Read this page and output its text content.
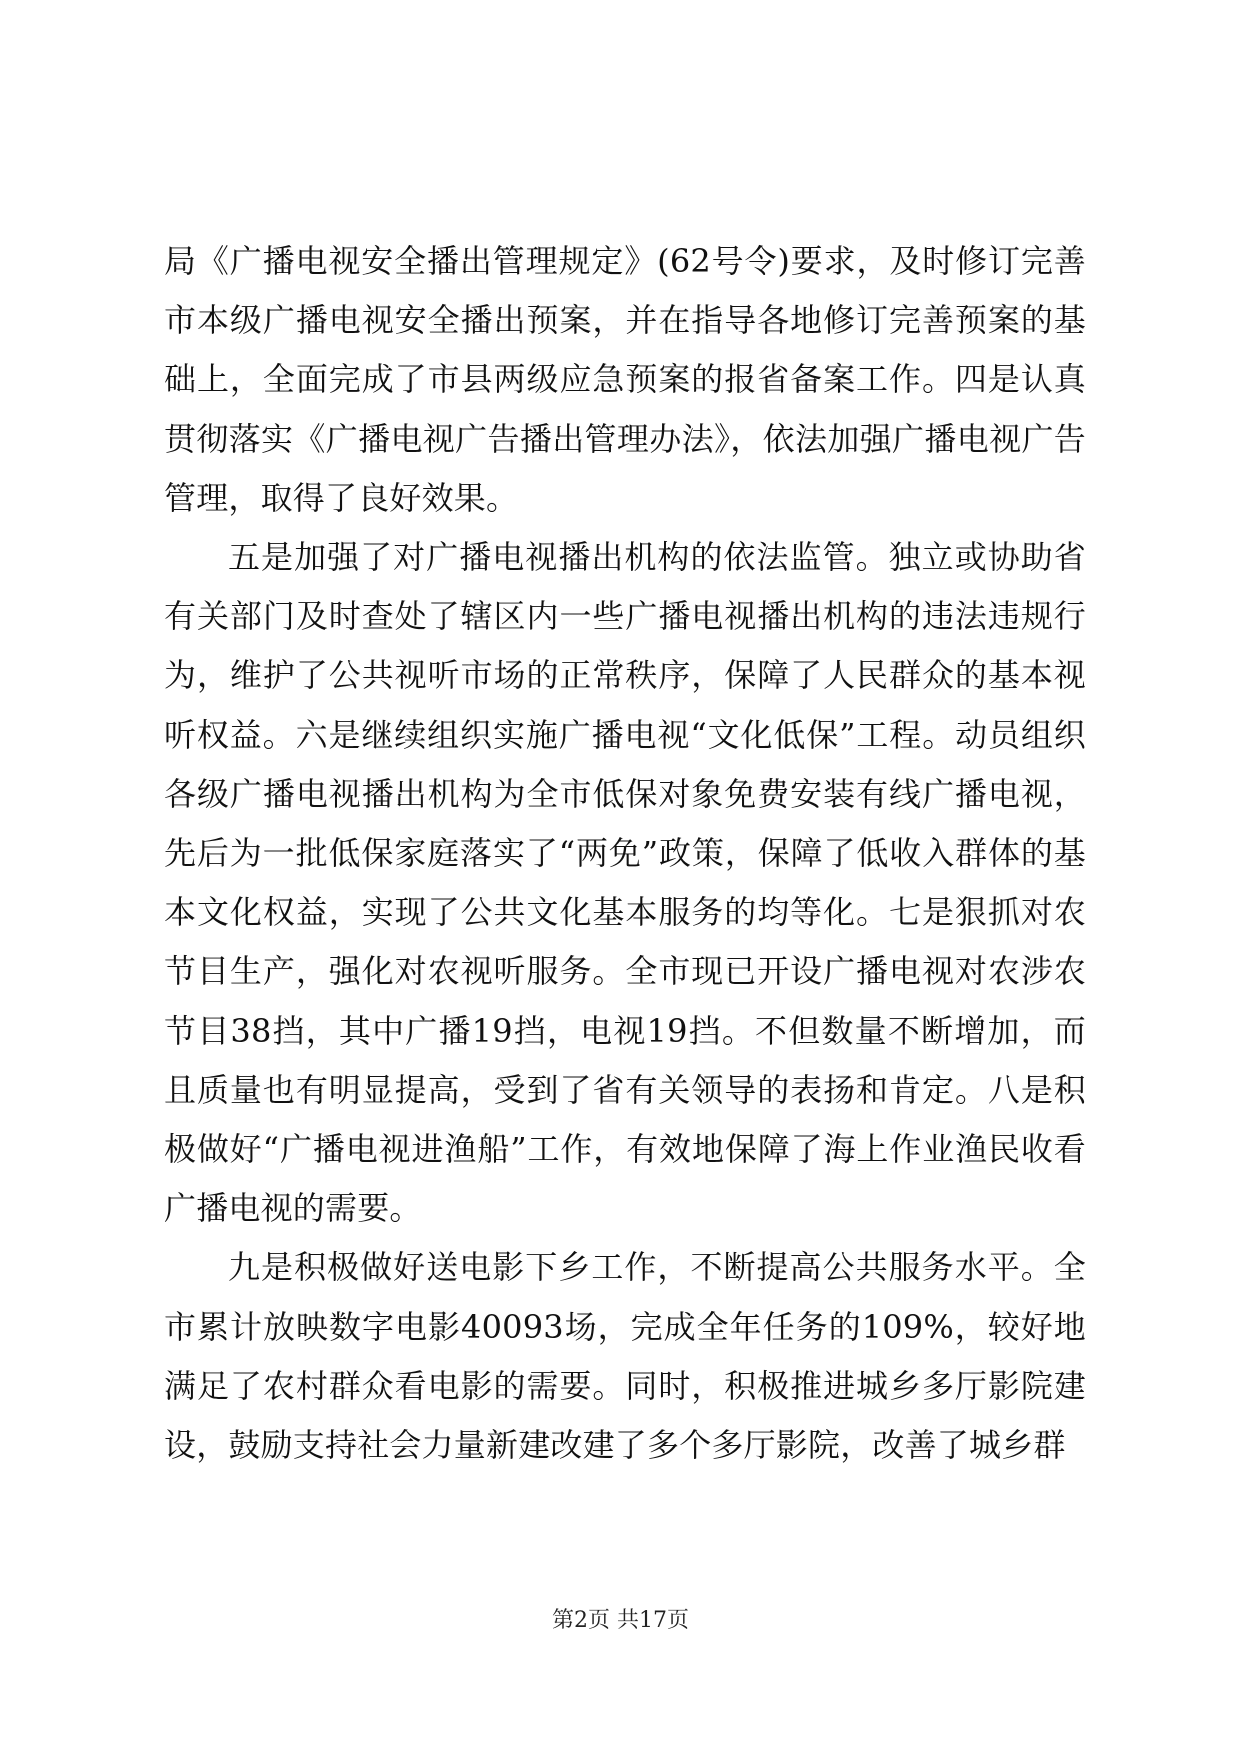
局《广播电视安全播出管理规定》(62号令)要求，及时修订完善市本级广播电视安全播出预案，并在指导各地修订完善预案的基础上，全面完成了市县两级应急预案的报省备案工作。四是认真贯彻落实《广播电视广告播出管理办法》，依法加强广播电视广告管理，取得了良好效果。

五是加强了对广播电视播出机构的依法监管。独立或协助省有关部门及时查处了辖区内一些广播电视播出机构的违法违规行为，维护了公共视听市场的正常秩序，保障了人民群众的基本视听权益。六是继续组织实施广播电视“文化低保”工程。动员组织各级广播电视播出机构为全市低保对象免费安装有线广播电视，先后为一批低保家庭落实了“两免”政策，保障了低收入群体的基本文化权益，实现了公共文化基本服务的均等化。七是狠抓对农节目生产，强化对农视听服务。全市现已开设广播电视对农涉农节目38挡，其中广播19挡，电视19挡。不但数量不断增加，而且质量也有明显提高，受到了省有关领导的表扬和肯定。八是积极做好“广播电视进渔船”工作，有效地保障了海上作业渔民收看广播电视的需要。

九是积极做好送电影下乡工作，不断提高公共服务水平。全市累计放映数字电影40093场，完成全年任务的109%，较好地满足了农村群众看电影的需要。同时，积极推进城乡多厅影院建设，鼓励支持社会力量新建改建了多个多厅影院，改善了城乡群

第2页 共17页
